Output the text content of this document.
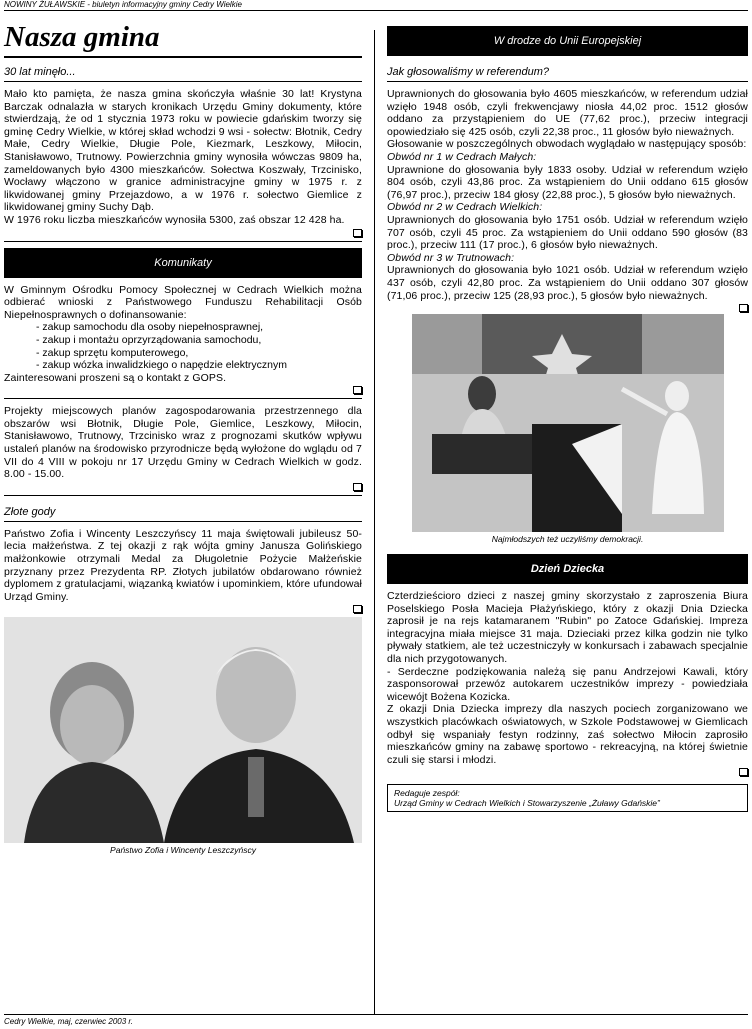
NOWINY ŻUŁAWSKIE - biuletyn informacyjny gminy Cedry Wielkie
Nasza gmina
30 lat minęło...

Mało kto pamięta, że nasza gmina skończyła właśnie 30 lat! Krystyna Barczak odnalazła w starych kronikach Urzędu Gminy dokumenty, które stwierdzają, że od 1 stycznia 1973 roku w powiecie gdańskim tworzy się gminę Cedry Wielkie, w której skład wchodzi 9 wsi - sołectw: Błotnik, Cedry Małe, Cedry Wielkie, Długie Pole, Kiezmark, Leszkowy, Miłocin, Stanisławowo, Trutnowy. Powierzchnia gminy wynosiła wówczas 9809 ha, zameldowanych było 4300 mieszkańców. Sołectwa Koszwały, Trzcinisko, Wocławy włączono w granice administracyjne gminy w 1975 r. z likwidowanej gminy Przejazdowo, a w 1976 r. sołectwo Giemlice z likwidowanej gminy Suchy Dąb.

W 1976 roku liczba mieszkańców wynosiła 5300, zaś obszar 12 428 ha.

Komunikaty

W Gminnym Ośrodku Pomocy Społecznej w Cedrach Wielkich można odbierać wnioski z Państwowego Funduszu Rehabilitacji Osób Niepełnosprawnych o dofinansowanie:

- zakup samochodu dla osoby niepełnosprawnej,
- zakup i montażu oprzyrządowania samochodu,
- zakup sprzętu komputerowego,
- zakup wózka inwalidzkiego o napędzie elektrycznym

Zainteresowani proszeni są o kontakt z GOPS.

Projekty miejscowych planów zagospodarowania przestrzennego dla obszarów wsi Błotnik, Długie Pole, Giemlice, Leszkowy, Miłocin, Stanisławowo, Trutnowy, Trzcinisko wraz z prognozami skutków wpływu ustaleń planów na środowisko przyrodnicze będą wyłożone do wglądu od 7 VII do 4 VIII w pokoju nr 17 Urzędu Gminy w Cedrach Wielkich w godz. 8.00 - 15.00.

Złote gody

Państwo Zofia i Wincenty Leszczyńscy 11 maja świętowali jubileusz 50-lecia małżeństwa. Z tej okazji z rąk wójta gminy Janusza Golińskiego małżonkowie otrzymali Medal za Długoletnie Pożycie Małżeńskie przyznany przez Prezydenta RP. Złotych jubilatów obdarowano również dyplomem z gratulacjami, wiązanką kwiatów i upominkiem, które ufundował Urząd Gminy.

Państwo Zofia i Wincenty Leszczyńscy
W drodze do Unii Europejskiej
Jak głosowaliśmy w referendum?

Uprawnionych do głosowania było 4605 mieszkańców, w referendum udział wzięło 1948 osób, czyli frekwencjawy niosła 44,02 proc. 1512 głosów oddano za przystąpieniem do UE (77,62 proc.), przeciw integracji opowiedziało się 425 osób, czyli 22,38 proc., 11 głosów było nieważnych.

Głosowanie w poszczególnych obwodach wyglądało w następujący sposób:

Obwód nr 1 w Cedrach Małych:

Uprawnione do głosowania były 1833 osoby. Udział w referendum wzięło 804 osób, czyli 43,86 proc. Za wstąpieniem do Unii oddano 615 głosów (76,97 proc.), przeciw 184 głosy (22,88 proc.), 5 głosów było nieważnych.

Obwód nr 2 w Cedrach Wielkich:

Uprawnionych do głosowania było 1751 osób. Udział w referendum wzięło 707 osób, czyli 45 proc. Za wstąpieniem do Unii oddano 590 głosów (83 proc.), przeciw 111 (17 proc.), 6 głosów było nieważnych.

Obwód nr 3 w Trutnowach:

Uprawnionych do głosowania było 1021 osób. Udział w referendum wzięło 437 osób, czyli 42,80 proc. Za wstąpieniem do Unii oddano 307 głosów (71,06 proc.), przeciw 125 (28,93 proc.), 5 głosów było nieważnych.

Najmłodszych też uczyliśmy demokracji.
Dzień Dziecka

Czterdzieścioro dzieci z naszej gminy skorzystało z zaproszenia Biura Poselskiego Posła Macieja Płażyńskiego, który z okazji Dnia Dziecka zaprosił je na rejs katamaranem "Rubin" po Zatoce Gdańskiej. Impreza integracyjna miała miejsce 31 maja. Dzieciaki przez kilka godzin nie tylko pływały statkiem, ale też uczestniczyły w konkursach i zabawach specjalnie dla nich przygotowanych.

- Serdeczne podziękowania należą się panu Andrzejowi Kawali, który zasponsorował przewóz autokarem uczestników imprezy - powiedziała wicewójt Bożena Kozicka.

Z okazji Dnia Dziecka imprezy dla naszych pociech zorganizowano we wszystkich placówkach oświatowych, w Szkole Podstawowej w Giemlicach odbył się wspaniały festyn rodzinny, zaś sołectwo Miłocin zaprosiło mieszkańców gminy na zabawę sportowo - rekreacyjną, na której świetnie czuli się starsi i młodzi.

Redaguje zespół:
Urząd Gminy w Cedrach Wielkich i Stowarzyszenie „Żuławy Gdańskie”
Cedry Wielkie, maj, czerwiec 2003 r.
